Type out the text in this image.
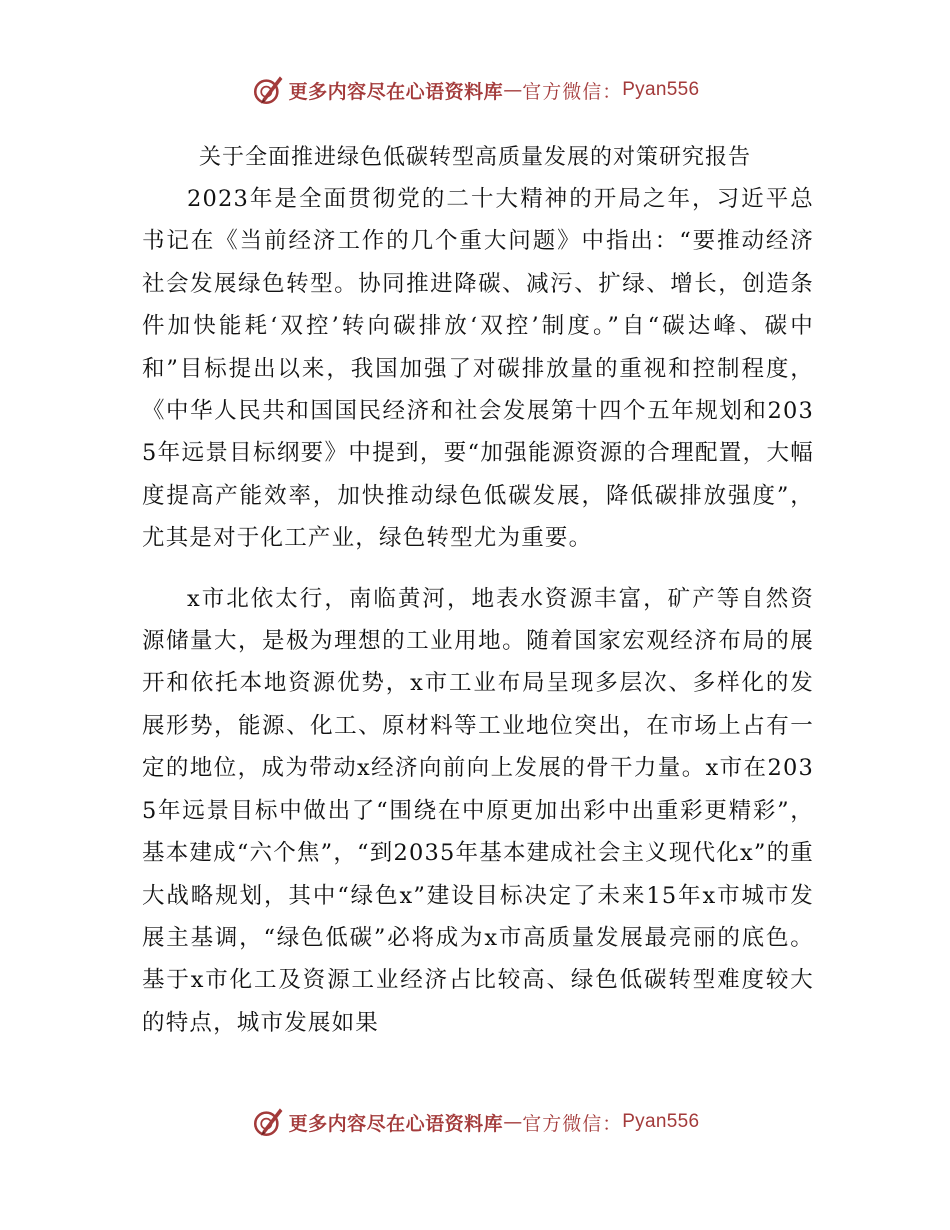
更多内容尽在心语资料库 — 官方微信： Pyan556
关于全面推进绿色低碳转型高质量发展的对策研究报告

2023年是全面贯彻党的二十大精神的开局之年，习近平总书记在《当前经济工作的几个重大问题》中指出：“要推动经济社会发展绿色转型。协同推进降碳、减污、扩绿、增长，创造条件加快能耗‘双控’转向碳排放‘双控’制度。”自“碳达峰、碳中和”目标提出以来，我国加强了对碳排放量的重视和控制程度，《中华人民共和国国民经济和社会发展第十四个五年规划和2035年远景目标纲要》中提到，要“加强能源资源的合理配置，大幅度提高产能效率，加快推动绿色低碳发展，降低碳排放强度”，尤其是对于化工产业，绿色转型尤为重要。

x市北依太行，南临黄河，地表水资源丰富，矿产等自然资源储量大，是极为理想的工业用地。随着国家宏观经济布局的展开和依托本地资源优势，x市工业布局呈现多层次、多样化的发展形势，能源、化工、原材料等工业地位突出，在市场上占有一定的地位，成为带动x经济向前向上发展的骨干力量。x市在2035年远景目标中做出了“围绕在中原更加出彩中出重彩更精彩”，基本建成“六个焦”，“到2035年基本建成社会主义现代化x”的重大战略规划，其中“绿色x”建设目标决定了未来15年x市城市发展主基调，“绿色低碳”必将成为x市高质量发展最亮丽的底色。基于x市化工及资源工业经济占比较高、绿色低碳转型难度较大的特点，城市发展如果

更多内容尽在心语资料库 — 官方微信： Pyan556
